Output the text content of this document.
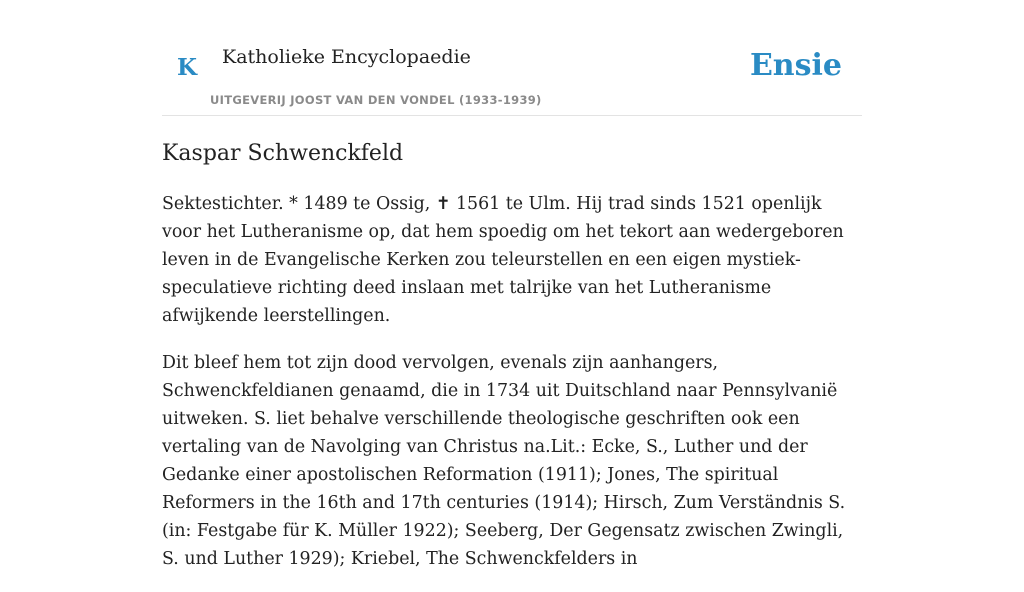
K Katholieke Encyclopaedie
UITGEVERIJ JOOST VAN DEN VONDEL (1933-1939)
Ensie
Kaspar Schwenckfeld

Sektestichter. * 1489 te Ossig, ✝ 1561 te Ulm. Hij trad sinds 1521 openlijk voor het Lutheranisme op, dat hem spoedig om het tekort aan wedergeboren leven in de Evangelische Kerken zou teleurstellen en een eigen mystiek-speculatieve richting deed inslaan met talrijke van het Lutheranisme afwijkende leerstellingen.

Dit bleef hem tot zijn dood vervolgen, evenals zijn aanhangers, Schwenckfeldianen genaamd, die in 1734 uit Duitschland naar Pennsylvanië uitweken. S. liet behalve verschillende theologische geschriften ook een vertaling van de Navolging van Christus na.Lit.: Ecke, S., Luther und der Gedanke einer apostolischen Reformation (1911); Jones, The spiritual Reformers in the 16th and 17th centuries (1914); Hirsch, Zum Verständnis S. (in: Festgabe für K. Müller 1922); Seeberg, Der Gegensatz zwischen Zwingli, S. und Luther 1929); Kriebel, The Schwenckfelders in
